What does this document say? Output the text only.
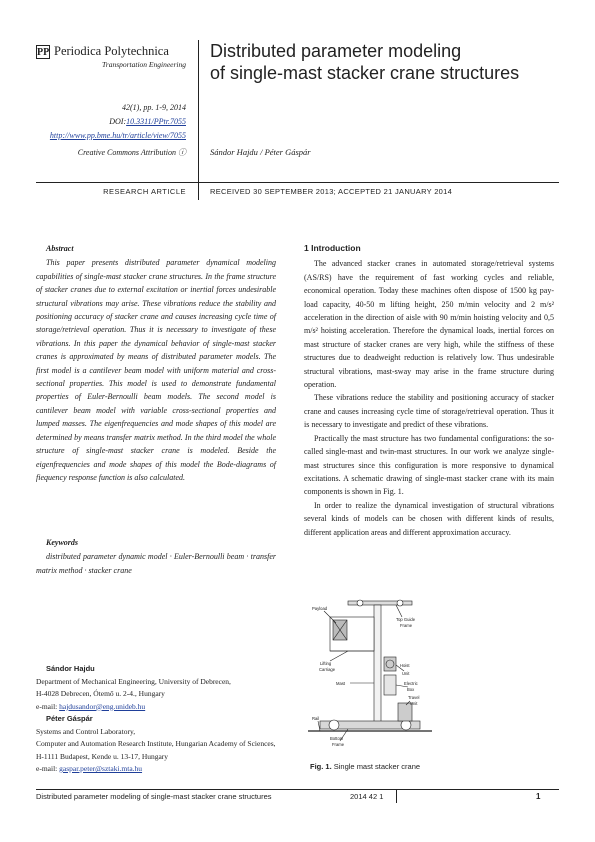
PP Periodica Polytechnica
Transportation Engineering
Distributed parameter modeling
of single-mast stacker crane structures
42(1), pp. 1-9, 2014
DOI:10.3311/PPtr.7055
http://www.pp.bme.hu/tr/article/view/7055
Creative Commons Attribution ⓘ	Sándor Hajdu / Péter Gáspár
RESEARCH ARTICLE	RECEIVED 30 SEPTEMBER 2013; ACCEPTED 21 JANUARY 2014
Abstract
This paper presents distributed parameter dynamical modeling capabilities of single-mast stacker crane structures. In the frame structure of stacker cranes due to external excitation or inertial forces undesirable structural vibrations may arise. These vibrations reduce the stability and positioning accuracy of stacker crane and causes increasing cycle time of storage/retrieval operation. Thus it is necessary to investigate of these vibrations. In this paper the dynamical behavior of single-mast stacker cranes is approximated by means of distributed parameter models. The first model is a cantilever beam model with uniform material and cross-sectional properties. This model is used to demonstrate fundamental properties of Euler-Bernoulli beam models. The second model is cantilever beam model with variable cross-sectional properties and lumped masses. The eigenfrequencies and mode shapes of this model are determined by means transfer matrix method. In the third model the whole structure of single-mast stacker crane is modeled. Beside the eigenfrequencies and mode shapes of this model the Bode-diagrams of fiequency response function is also calculated.
Keywords
distributed parameter dynamic model · Euler-Bernoulli beam · transfer matrix method · stacker crane
Sándor Hajdu
Department of Mechanical Engineering, University of Debrecen,
H-4028 Debrecen, Ótemő u. 2-4., Hungary
e-mail: hajdusandor@eng.unideb.hu
Péter Gáspár
Systems and Control Laboratory,
Computer and Automation Research Institute, Hungarian Academy of Sciences,
H-1111 Budapest, Kende u. 13-17, Hungary
e-mail: gaspar.peter@sztaki.mta.hu
1 Introduction

The advanced stacker cranes in automated storage/retrieval systems (AS/RS) have the requirement of fast working cycles and reliable, economical operation. Today these machines often dispose of 1500 kg pay-load capacity, 40-50 m lifting height, 250 m/min velocity and 2 m/s² acceleration in the direction of aisle with 90 m/min hoisting velocity and 0,5 m/s² hoisting acceleration. Therefore the dynamical loads, inertial forces on mast structure of stacker cranes are very high, while the stiffness of these structures due to deadweight reduction is relatively low. Thus undesirable structural vibrations, mast-sway may arise in the frame structure during operation.

These vibrations reduce the stability and positioning accuracy of stacker crane and causes increasing cycle time of storage/retrieval operation. Thus it is necessary to investigate and predict of these vibrations.

Practically the mast structure has two fundamental configurations: the so-called single-mast and twin-mast structures. In our work we analyze single-mast structures since this configuration is more responsive to dynamical excitations. A schematic drawing of single-mast stacker crane with its main components is shown in Fig. 1.

In order to realize the dynamical investigation of structural vibrations several kinds of models can be chosen with different kinds of results, different application areas and different approximation accuracy.

Payload
Top Guide
Frame
Lifting
Carriage
Hoist
Unit
Mast	Electric
Box
Travel
Unit
Rail
Bottom
Frame
Fig. 1. Single mast stacker crane
Distributed parameter modeling of single-mast stacker crane structures	2014 42 1	1
